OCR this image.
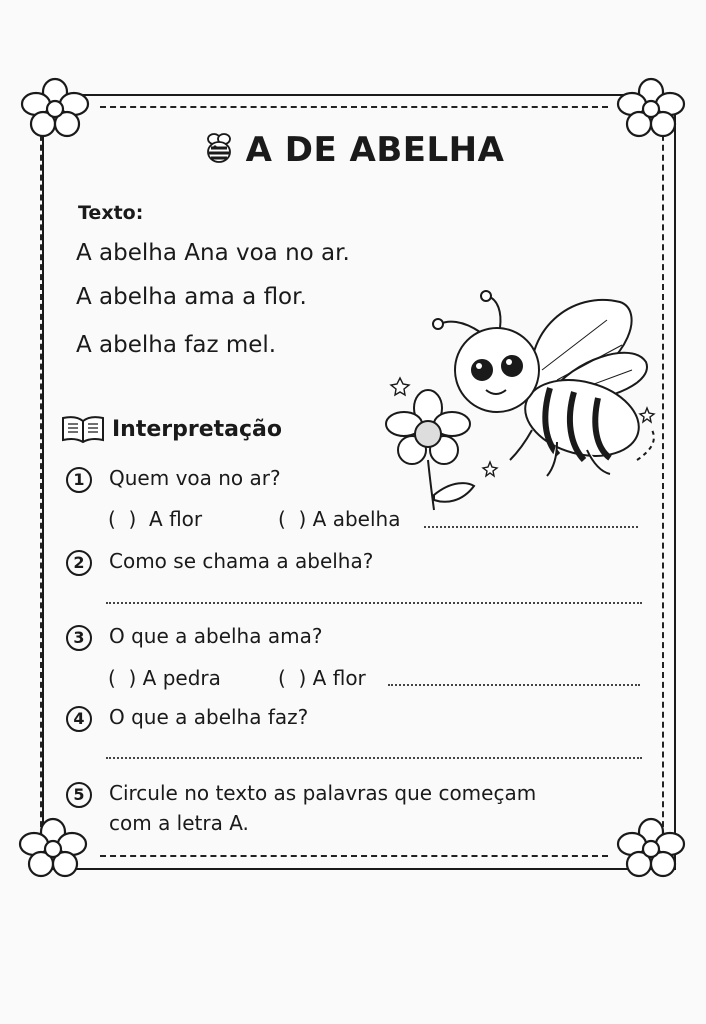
A DE ABELHA
Texto:
A abelha Ana voa no ar.
A abelha ama a flor.
A abelha faz mel.
Interpretação
1	Quem voa no ar?
(  )  A flor	(  ) A abelha
2	Como se chama a abelha?
3	O que a abelha ama?
(  ) A pedra	(  ) A flor
4	O que a abelha faz?
5	Circule no texto as palavras que começam
com a letra A.
